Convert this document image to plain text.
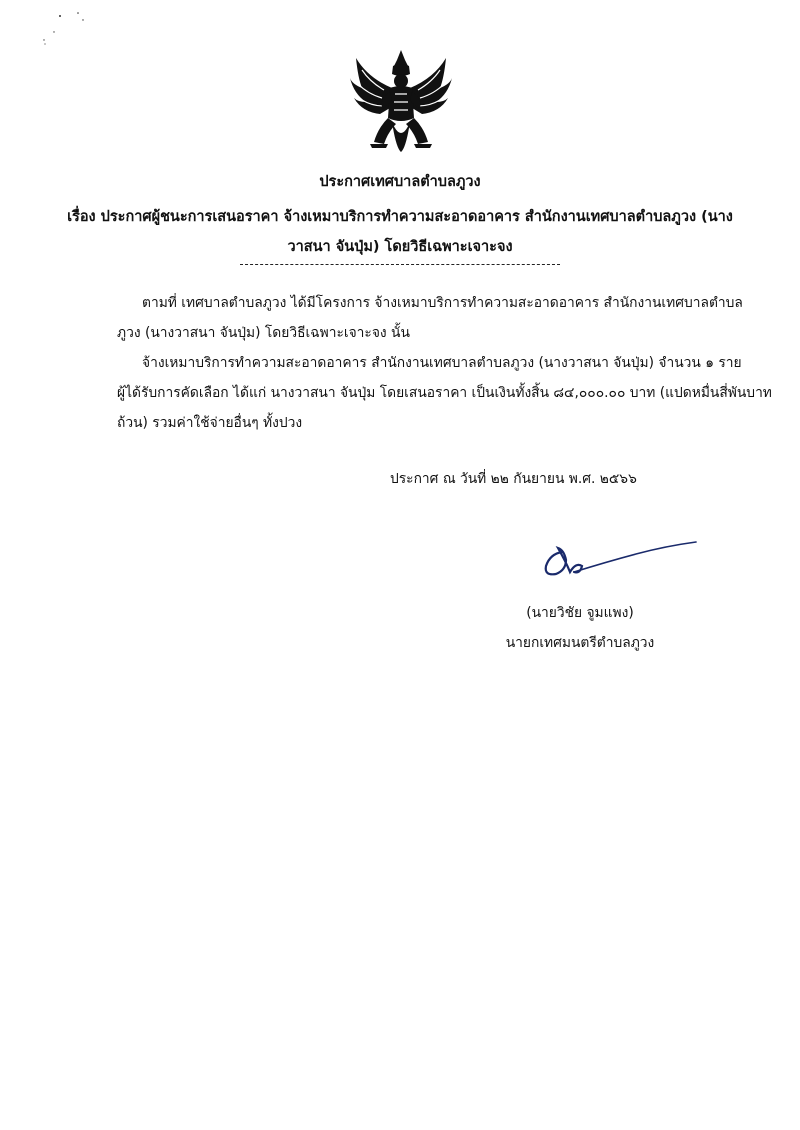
ประกาศเทศบาลตำบลภูวง
เรื่อง ประกาศผู้ชนะการเสนอราคา จ้างเหมาบริการทำความสะอาดอาคาร สำนักงานเทศบาลตำบลภูวง (นาง
วาสนา จันปุ่ม) โดยวิธีเฉพาะเจาะจง
ตามที่ เทศบาลตำบลภูวง ได้มีโครงการ จ้างเหมาบริการทำความสะอาดอาคาร สำนักงานเทศบาลตำบล
ภูวง (นางวาสนา จันปุ่ม) โดยวิธีเฉพาะเจาะจง นั้น
จ้างเหมาบริการทำความสะอาดอาคาร สำนักงานเทศบาลตำบลภูวง (นางวาสนา จันปุ่ม) จำนวน ๑ ราย
ผู้ได้รับการคัดเลือก ได้แก่ นางวาสนา จันปุ่ม โดยเสนอราคา เป็นเงินทั้งสิ้น ๘๔,๐๐๐.๐๐ บาท (แปดหมื่นสี่พันบาท
ถ้วน) รวมค่าใช้จ่ายอื่นๆ ทั้งปวง
ประกาศ ณ วันที่ ๒๒ กันยายน พ.ศ. ๒๕๖๖
(นายวิชัย จูมแพง)
นายกเทศมนตรีตำบลภูวง
